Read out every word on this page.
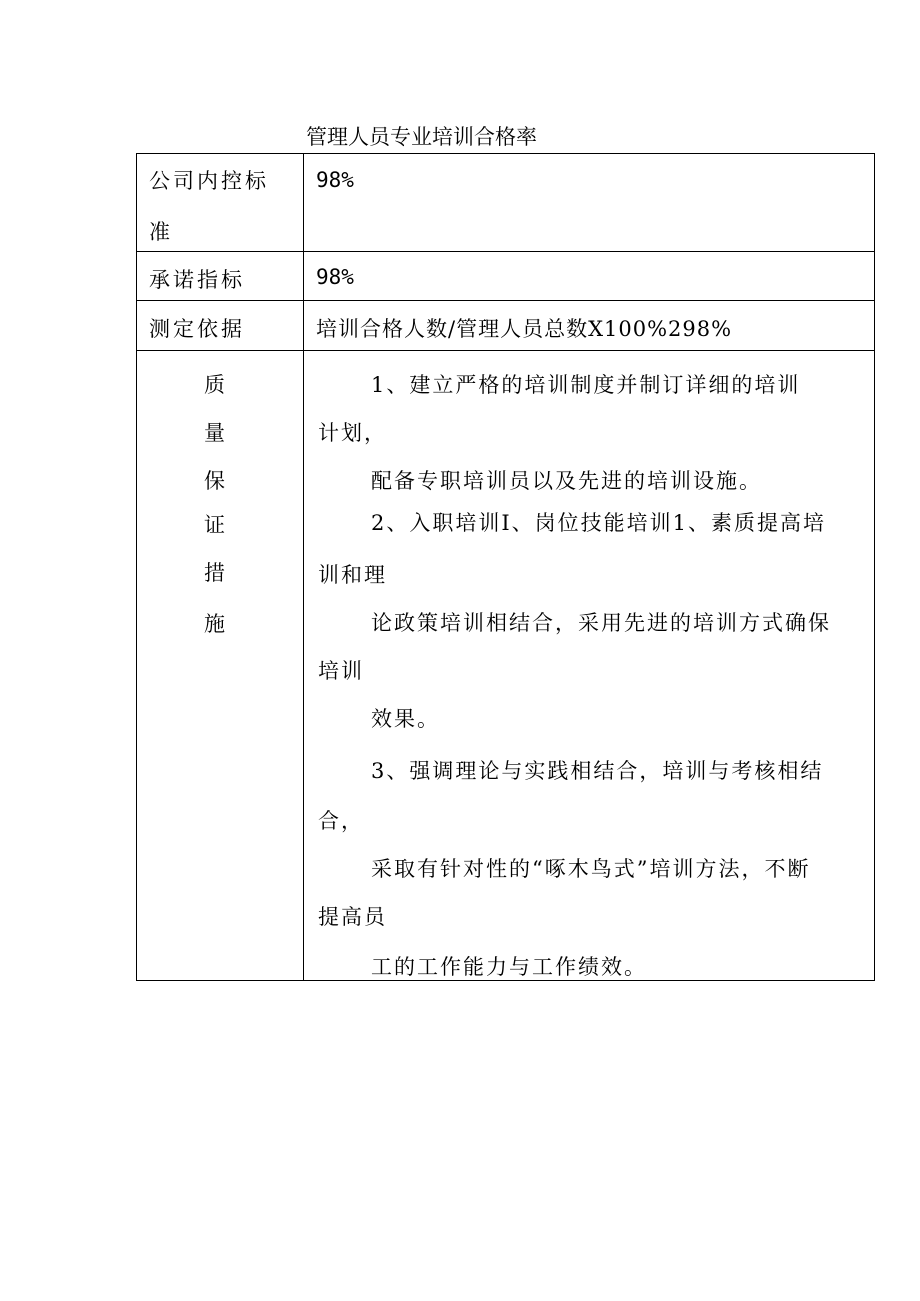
管理人员专业培训合格率
公司内控标
准
98%
承诺指标	98%
测定依据	培训合格人数/管理人员总数X100%298%
质
量
保
证
措
施
1、建立严格的培训制度并制订详细的培训
计划，
配备专职培训员以及先进的培训设施。
2、入职培训I、岗位技能培训1、素质提高培
训和理
论政策培训相结合，采用先进的培训方式确保
培训
效果。
3、强调理论与实践相结合，培训与考核相结
合，
采取有针对性的“啄木鸟式”培训方法，不断
提高员
工的工作能力与工作绩效。
